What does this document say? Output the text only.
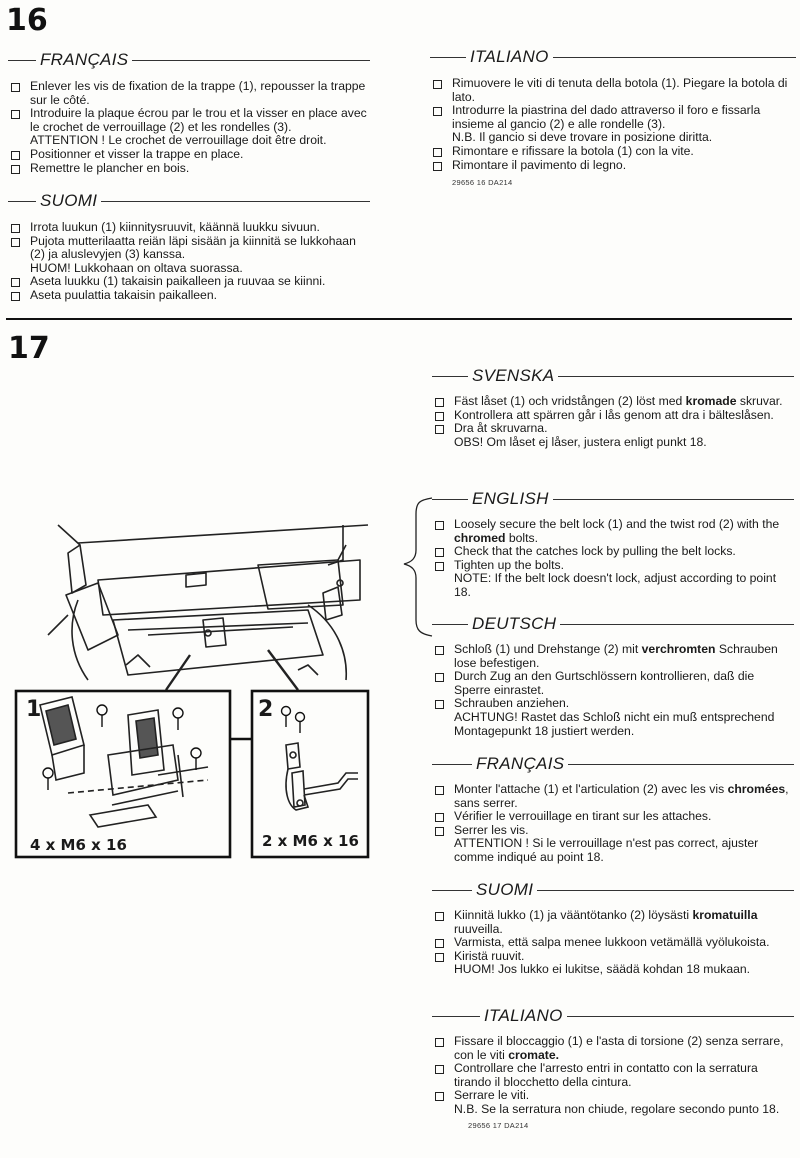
16
FRANÇAIS
Enlever les vis de fixation de la trappe (1), repousser la trappe sur le côté.
Introduire la plaque écrou par le trou et la visser en place avec le crochet de verrouillage (2) et les rondelles (3).
ATTENTION ! Le crochet de verrouillage doit être droit.
Positionner et visser la trappe en place.
Remettre le plancher en bois.
SUOMI
Irrota luukun (1) kiinnitysruuvit, käännä luukku sivuun.
Pujota mutterilaatta reiän läpi sisään ja kiinnitä se lukkohaan (2) ja aluslevyjen (3) kanssa.
HUOM! Lukkohaan on oltava suorassa.
Aseta luukku (1) takaisin paikalleen ja ruuvaa se kiinni.
Aseta puulattia takaisin paikalleen.
ITALIANO
Rimuovere le viti di tenuta della botola (1). Piegare la botola di lato.
Introdurre la piastrina del dado attraverso il foro e fissarla insieme al gancio (2) e alle rondelle (3).
N.B. Il gancio si deve trovare in posizione diritta.
Rimontare e rifissare la botola (1) con la vite.
Rimontare il pavimento di legno.
29656 16 DA214
17
1
4 x M6 x 16
2
2 x M6 x 16
SVENSKA
Fäst låset (1) och vridstången (2) löst med kromade skruvar.
Kontrollera att spärren går i lås genom att dra i bälteslåsen.
Dra åt skruvarna.
OBS! Om låset ej låser, justera enligt punkt 18.
ENGLISH
Loosely secure the belt lock (1) and the twist rod (2) with the chromed bolts.
Check that the catches lock by pulling the belt locks.
Tighten up the bolts.
NOTE: If the belt lock doesn't lock, adjust according to point 18.
DEUTSCH
Schloß (1) und Drehstange (2) mit verchromten Schrauben lose befestigen.
Durch Zug an den Gurtschlössern kontrollieren, daß die Sperre einrastet.
Schrauben anziehen.
ACHTUNG! Rastet das Schloß nicht ein muß entsprechend Montagepunkt 18 justiert werden.
FRANÇAIS
Monter l'attache (1) et l'articulation (2) avec les vis chromées, sans serrer.
Vérifier le verrouillage en tirant sur les attaches.
Serrer les vis.
ATTENTION ! Si le verrouillage n'est pas correct, ajuster comme indiqué au point 18.
SUOMI
Kiinnitä lukko (1) ja vääntötanko (2) löysästi kromatuilla ruuveilla.
Varmista, että salpa menee lukkoon vetämällä vyölukoista.
Kiristä ruuvit.
HUOM! Jos lukko ei lukitse, säädä kohdan 18 mukaan.
ITALIANO
Fissare il bloccaggio (1) e l'asta di torsione (2) senza serrare, con le viti cromate.
Controllare che l'arresto entri in contatto con la serratura tirando il blocchetto della cintura.
Serrare le viti.
N.B. Se la serratura non chiude, regolare secondo punto 18.
29656 17 DA214
